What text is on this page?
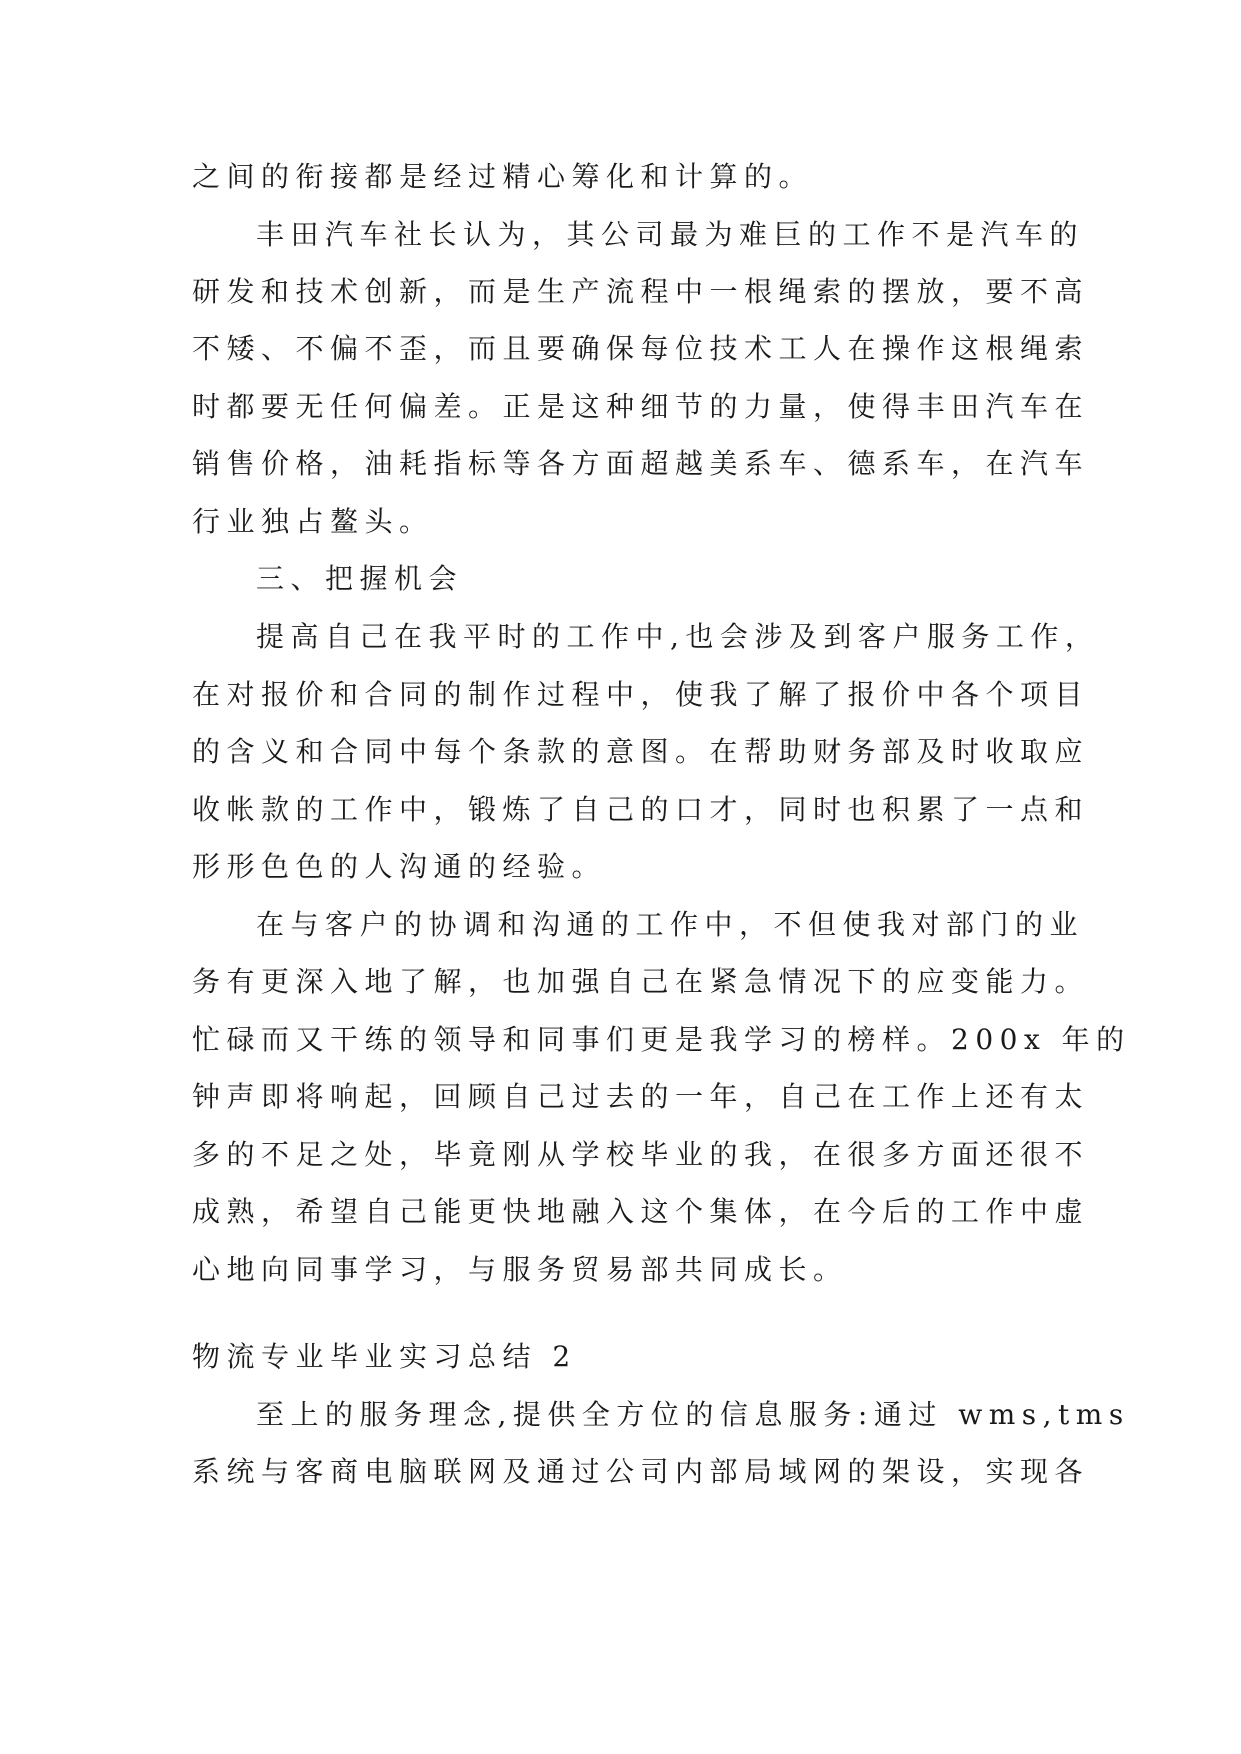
之间的衔接都是经过精心筹化和计算的。
丰田汽车社长认为，其公司最为难巨的工作不是汽车的
研发和技术创新，而是生产流程中一根绳索的摆放，要不高
不矮、不偏不歪，而且要确保每位技术工人在操作这根绳索
时都要无任何偏差。正是这种细节的力量，使得丰田汽车在
销售价格，油耗指标等各方面超越美系车、德系车，在汽车
行业独占鳌头。
三、把握机会
提高自己在我平时的工作中,也会涉及到客户服务工作，
在对报价和合同的制作过程中，使我了解了报价中各个项目
的含义和合同中每个条款的意图。在帮助财务部及时收取应
收帐款的工作中，锻炼了自己的口才，同时也积累了一点和
形形色色的人沟通的经验。
在与客户的协调和沟通的工作中，不但使我对部门的业
务有更深入地了解，也加强自己在紧急情况下的应变能力。
忙碌而又干练的领导和同事们更是我学习的榜样。200x 年的
钟声即将响起，回顾自己过去的一年，自己在工作上还有太
多的不足之处，毕竟刚从学校毕业的我，在很多方面还很不
成熟，希望自己能更快地融入这个集体，在今后的工作中虚
心地向同事学习，与服务贸易部共同成长。
物流专业毕业实习总结 2
至上的服务理念,提供全方位的信息服务:通过 wms,tms
系统与客商电脑联网及通过公司内部局域网的架设，实现各
